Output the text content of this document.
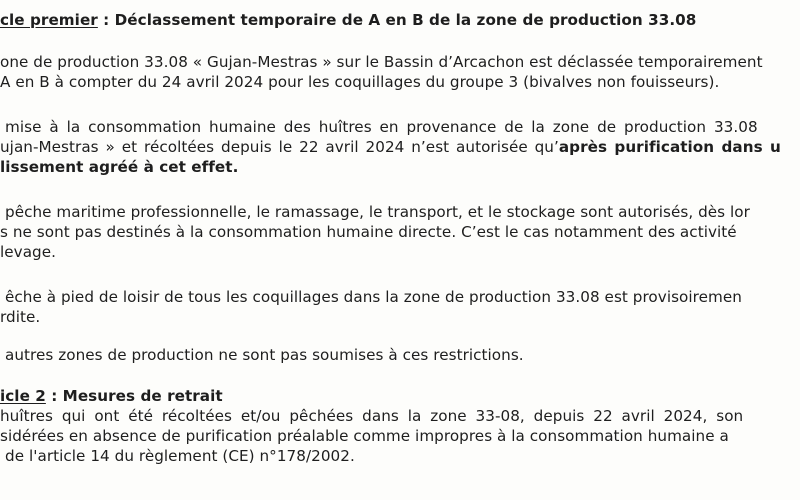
cle premier : Déclassement temporaire de A en B de la zone de production 33.08
one de production 33.08 « Gujan-Mestras » sur le Bassin d’Arcachon est déclassée temporairement
A en B à compter du 24 avril 2024 pour les coquillages du groupe 3 (bivalves non fouisseurs).
mise à la consommation humaine des huîtres en provenance de la zone de production 33.08
ujan-Mestras » et récoltées depuis le 22 avril 2024 n’est autorisée qu’après purification dans u
lissement agréé à cet effet.
pêche maritime professionnelle, le ramassage, le transport, et le stockage sont autorisés, dès lor
s ne sont pas destinés à la consommation humaine directe. C’est le cas notamment des activité
levage.
êche à pied de loisir de tous les coquillages dans la zone de production 33.08 est provisoiremen
rdite.
autres zones de production ne sont pas soumises à ces restrictions.
icle 2 : Mesures de retrait
huîtres qui ont été récoltées et/ou pêchées dans la zone 33-08, depuis 22 avril 2024, son
sidérées en absence de purification préalable comme impropres à la consommation humaine a
de l'article 14 du règlement (CE) n°178/2002.
